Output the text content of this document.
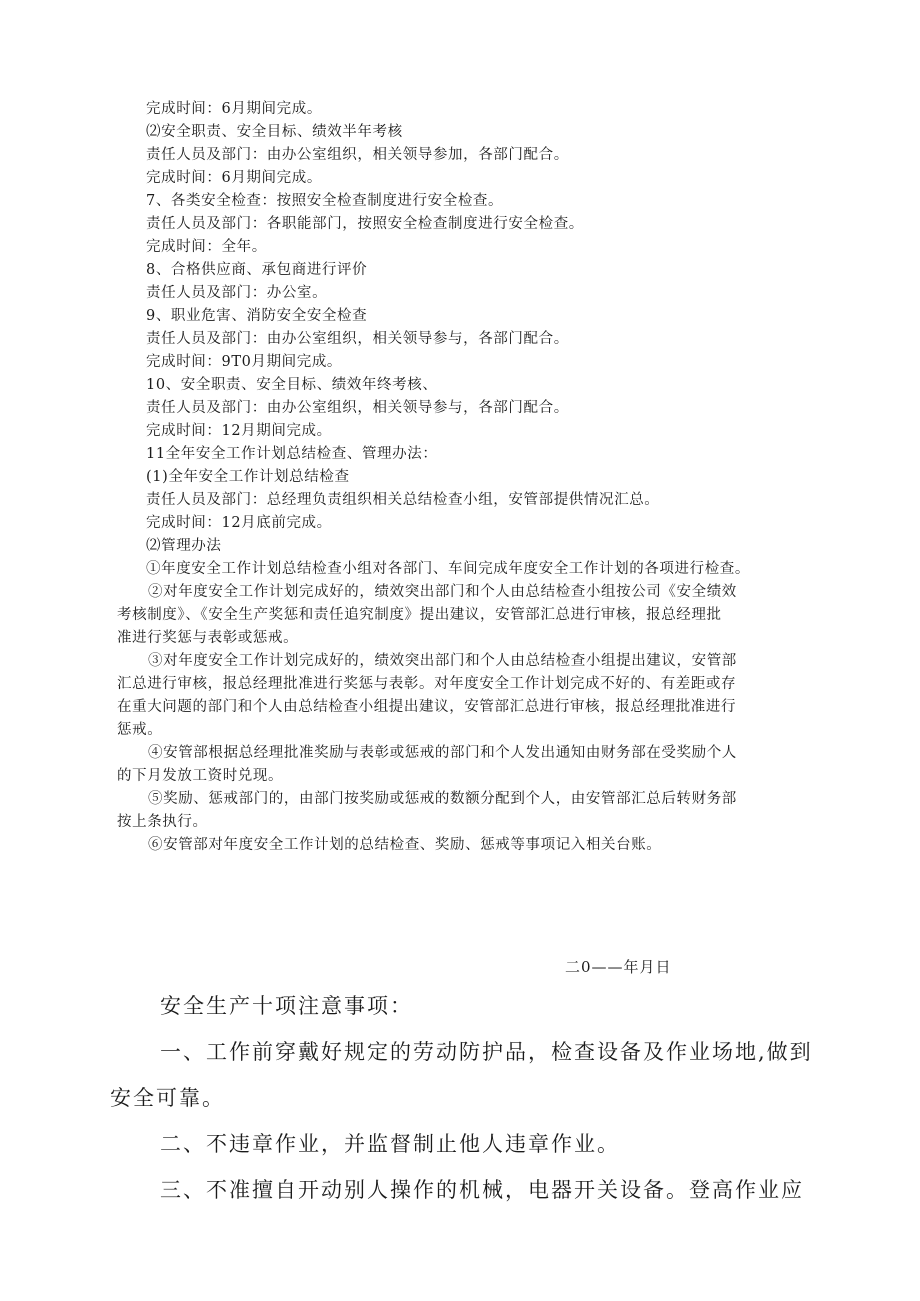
完成时间：6月期间完成。
⑵安全职责、安全目标、绩效半年考核
责任人员及部门：由办公室组织，相关领导参加，各部门配合。
完成时间：6月期间完成。
7、各类安全检查：按照安全检查制度进行安全检查。
责任人员及部门：各职能部门，按照安全检查制度进行安全检查。
完成时间：全年。
8、合格供应商、承包商进行评价
责任人员及部门：办公室。
9、职业危害、消防安全安全检查
责任人员及部门：由办公室组织，相关领导参与，各部门配合。
完成时间：9T0月期间完成。
10、安全职责、安全目标、绩效年终考核、
责任人员及部门：由办公室组织，相关领导参与，各部门配合。
完成时间：12月期间完成。
11全年安全工作计划总结检查、管理办法：
(1)全年安全工作计划总结检查
责任人员及部门：总经理负责组织相关总结检查小组，安管部提供情况汇总。
完成时间：12月底前完成。
⑵管理办法
①年度安全工作计划总结检查小组对各部门、车间完成年度安全工作计划的各项进行检查。
②对年度安全工作计划完成好的，绩效突出部门和个人由总结检查小组按公司《安全绩效
考核制度》、《安全生产奖惩和责任追究制度》提出建议，安管部汇总进行审核，报总经理批
准进行奖惩与表彰或惩戒。
③对年度安全工作计划完成好的，绩效突出部门和个人由总结检查小组提出建议，安管部
汇总进行审核，报总经理批准进行奖惩与表彰。对年度安全工作计划完成不好的、有差距或存
在重大问题的部门和个人由总结检查小组提出建议，安管部汇总进行审核，报总经理批准进行
惩戒。
④安管部根据总经理批准奖励与表彰或惩戒的部门和个人发出通知由财务部在受奖励个人
的下月发放工资时兑现。
⑤奖励、惩戒部门的，由部门按奖励或惩戒的数额分配到个人，由安管部汇总后转财务部
按上条执行。
⑥安管部对年度安全工作计划的总结检查、奖励、惩戒等事项记入相关台账。
二0——年月日
安全生产十项注意事项：
一、工作前穿戴好规定的劳动防护品，检查设备及作业场地,做到
安全可靠。
二、不违章作业，并监督制止他人违章作业。
三、不准擅自开动别人操作的机械，电器开关设备。登高作业应
